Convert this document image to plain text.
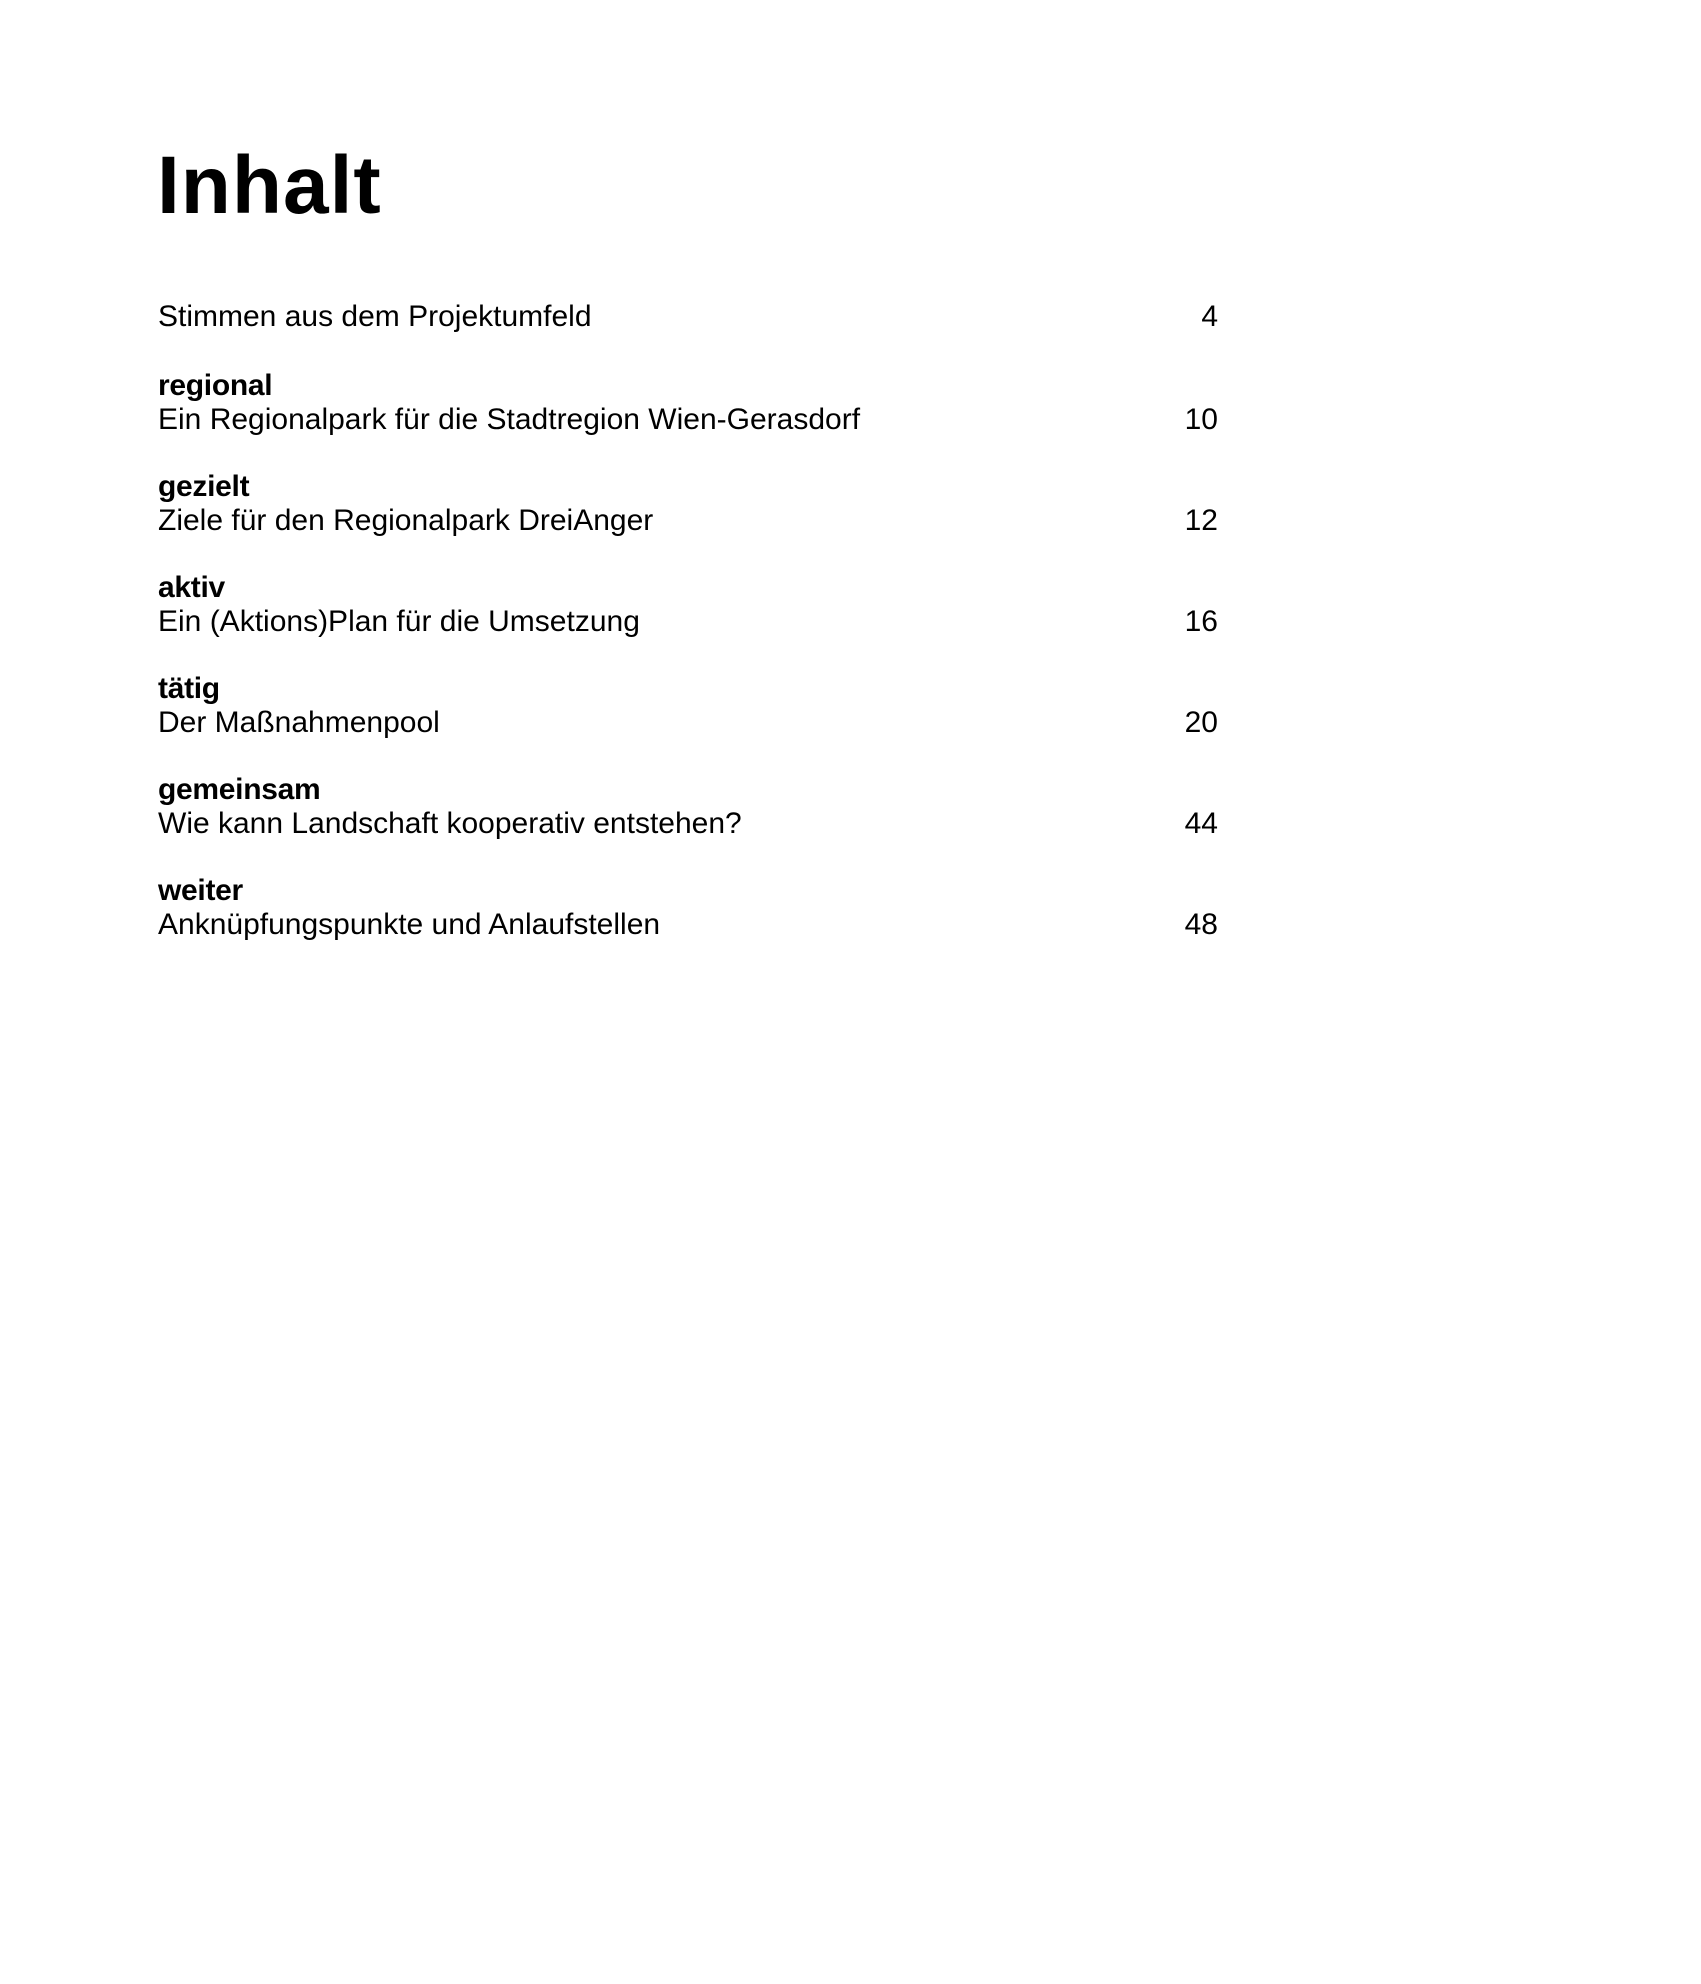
Inhalt
Stimmen aus dem Projektumfeld	4
regional
Ein Regionalpark für die Stadtregion Wien-Gerasdorf	10
gezielt
Ziele für den Regionalpark DreiAnger	12
aktiv
Ein (Aktions)Plan für die Umsetzung	16
tätig
Der Maßnahmenpool	20
gemeinsam
Wie kann Landschaft kooperativ entstehen?	44
weiter
Anknüpfungspunkte und Anlaufstellen	48
